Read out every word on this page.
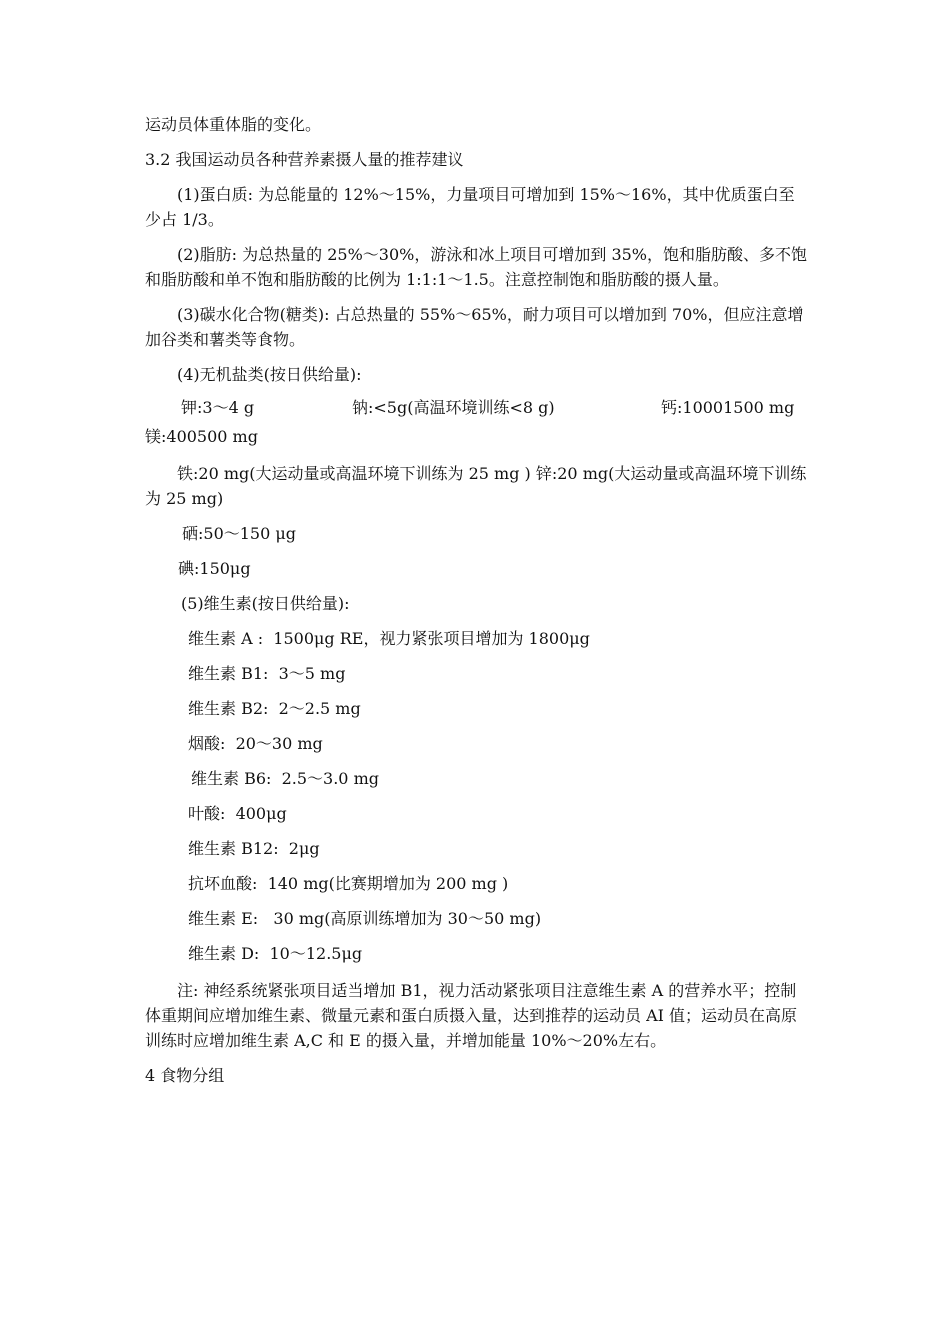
运动员体重体脂的变化。

3.2 我国运动员各种营养素摄人量的推荐建议

(1)蛋白质: 为总能量的 12%～15%，力量项目可增加到 15%～16%，其中优质蛋白至少占 1/3。

(2)脂肪: 为总热量的 25%～30%，游泳和冰上项目可增加到 35%，饱和脂肪酸、多不饱和脂肪酸和单不饱和脂肪酸的比例为 1:1:1～1.5。注意控制饱和脂肪酸的摄人量。

(3)碳水化合物(糖类): 占总热量的 55%～65%，耐力项目可以增加到 70%，但应注意增加谷类和薯类等食物。

(4)无机盐类(按日供给量):

钾:3～4 g	钠:<5g(高温环境训练<8 g)	钙:10001500 mg
镁:400500 mg

铁:20 mg(大运动量或高温环境下训练为 25 mg ) 锌:20 mg(大运动量或高温环境下训练为 25 mg)

硒:50～150 μg
碘:150μg
(5)维生素(按日供给量):
维生素 A :  1500μg RE，视力紧张项目增加为 1800μg
维生素 B1:  3～5 mg
维生素 B2:  2～2.5 mg
烟酸:  20～30 mg
维生素 B6:  2.5～3.0 mg
叶酸:  400μg
维生素 B12:  2μg
抗坏血酸:  140 mg(比赛期增加为 200 mg )
维生素 E:   30 mg(高原训练增加为 30～50 mg)
维生素 D:  10～12.5μg

注: 神经系统紧张项目适当增加 B1，视力活动紧张项目注意维生素 A 的营养水平；控制体重期间应增加维生素、微量元素和蛋白质摄入量，达到推荐的运动员 AI 值；运动员在高原训练时应增加维生素 A,C 和 E 的摄入量，并增加能量 10%～20%左右。

4 食物分组
